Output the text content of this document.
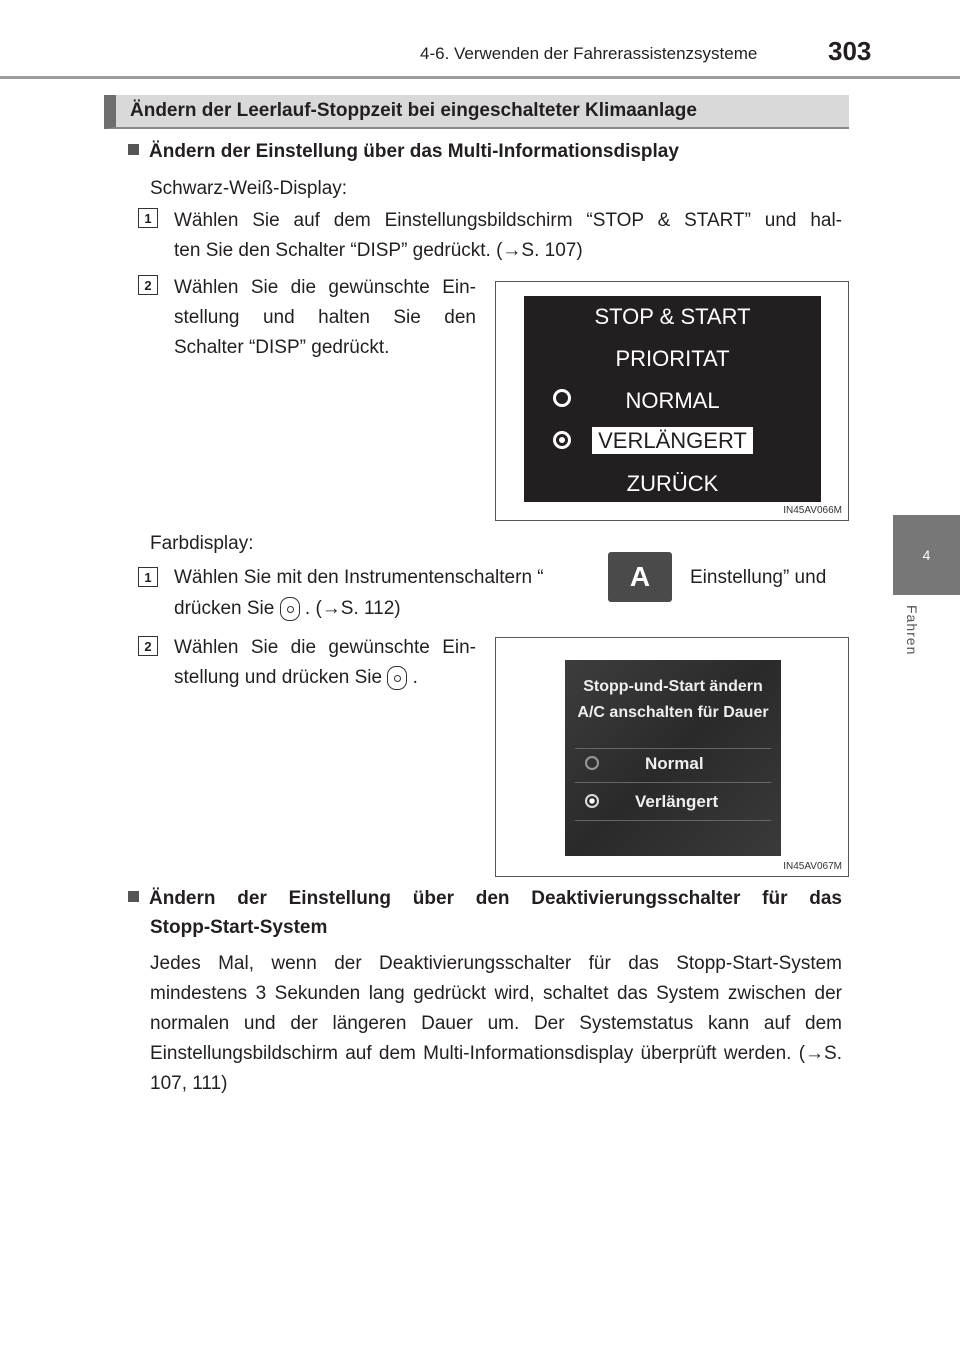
4-6. Verwenden der Fahrerassistenzsysteme	303
4
Fahren
Ändern der Leerlauf-Stoppzeit bei eingeschalteter Klimaanlage
Ändern der Einstellung über das Multi-Informationsdisplay
Schwarz-Weiß-Display:
1 Wählen Sie auf dem Einstellungsbildschirm “STOP & START” und hal-
ten Sie den Schalter “DISP” gedrückt. (→S. 107)
2 Wählen Sie die gewünschte Ein-
stellung und halten Sie den
Schalter “DISP” gedrückt.
STOP & START
PRIORITAT
NORMAL
VERLÄNGERT
ZURÜCK
IN45AV066M
Farbdisplay:
1 Wählen Sie mit den Instrumentenschaltern “	A	Einstellung” und
drücken Sie . (→S. 112)
2 Wählen Sie die gewünschte Ein-
stellung und drücken Sie .	Stopp-und-Start ändern
A/C anschalten für Dauer
Normal
Verlängert
IN45AV067M
Ändern der Einstellung über den Deaktivierungsschalter für das
Stopp-Start-System
Jedes Mal, wenn der Deaktivierungsschalter für das Stopp-Start-System mindestens 3 Sekunden lang gedrückt wird, schaltet das System zwischen der normalen und der längeren Dauer um. Der Systemstatus kann auf dem Einstellungsbildschirm auf dem Multi-Informationsdisplay überprüft werden. (→S. 107, 111)
